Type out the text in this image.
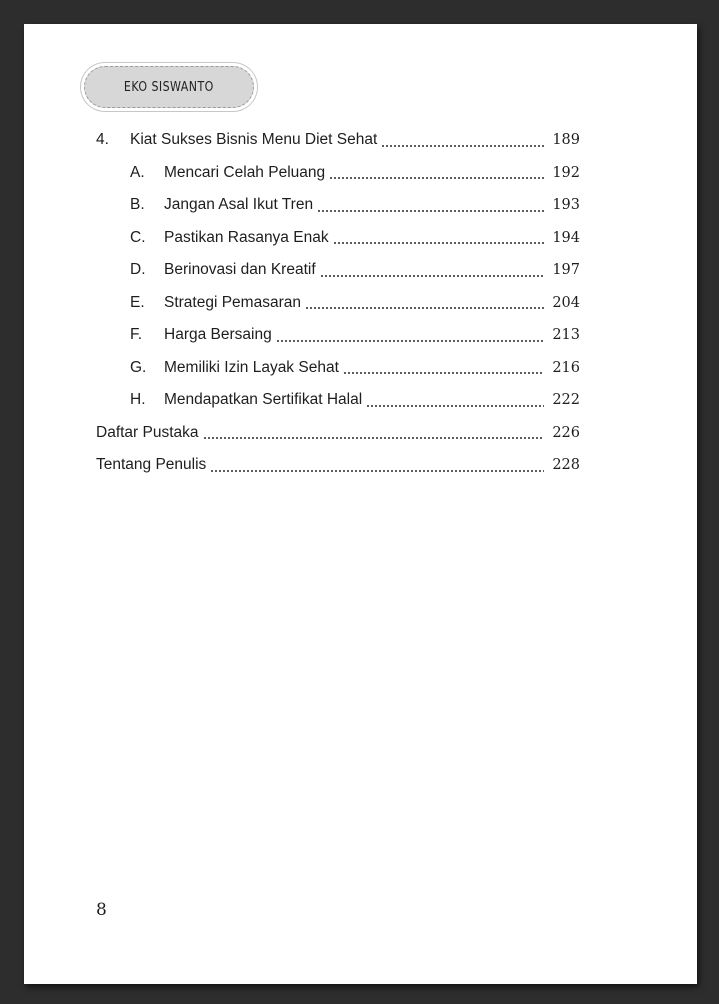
EKO SISWANTO
4.	Kiat Sukses Bisnis Menu Diet Sehat	189
A.	Mencari Celah Peluang	192
B.	Jangan Asal Ikut Tren	193
C.	Pastikan Rasanya Enak	194
D.	Berinovasi dan Kreatif	197
E.	Strategi Pemasaran	204
F.	Harga Bersaing	213
G.	Memiliki Izin Layak Sehat	216
H.	Mendapatkan Sertifikat Halal	222
Daftar Pustaka	226
Tentang Penulis	228
8
